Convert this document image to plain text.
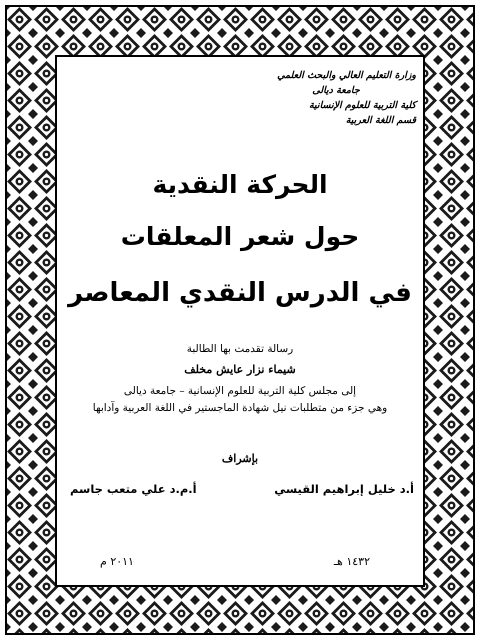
وزارة التعليم العالي والبحث العلمي
جامعة ديالى
كلية التربية للعلوم الإنسانية
قسم اللغة العربية
الحركة النقدية
حول شعر المعلقات
في الدرس النقدي المعاصر
رسالة تقدمت بها الطالبة
شيماء نزار عايش مخلف
إلى مجلس كلية التربية للعلوم الإنسانية – جامعة ديالى
وهي جزء من متطلبات نيل شهادة الماجستير في اللغة العربية وآدابها
بإشراف
أ.د خليل إبراهيم القيسي
أ.م.د علي متعب جاسم
١٤٣٢ هـ
٢٠١١ م
